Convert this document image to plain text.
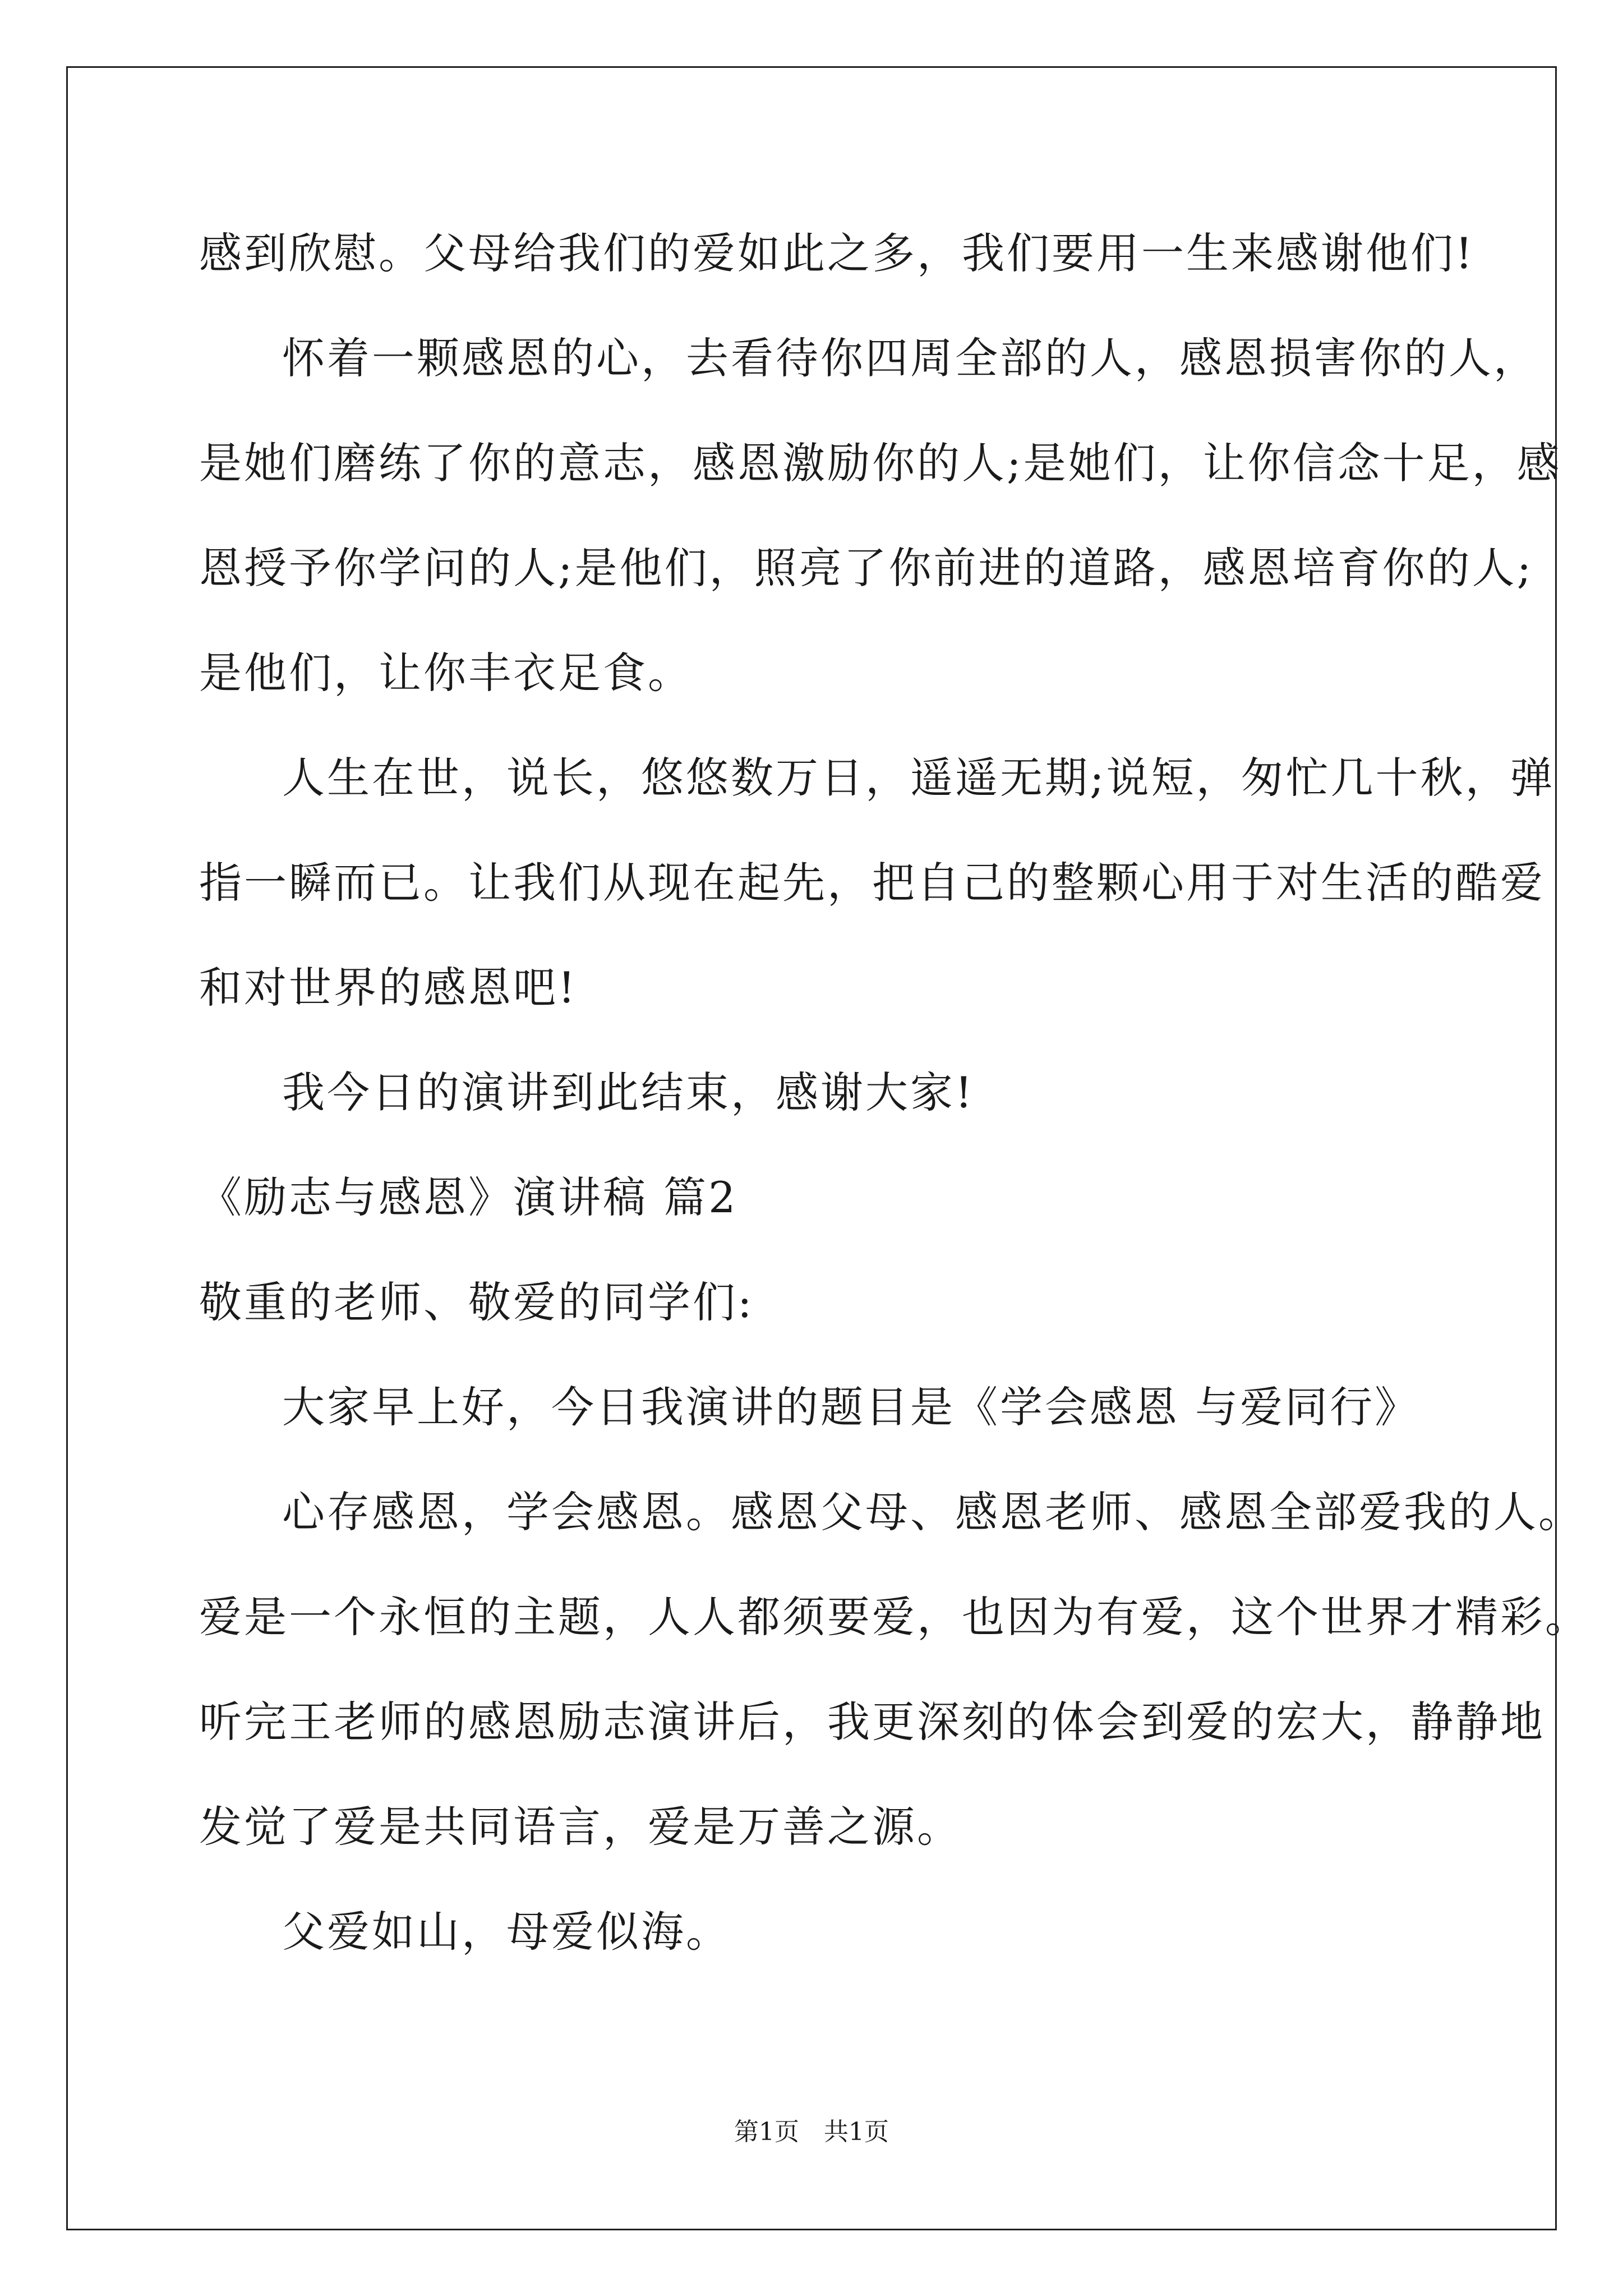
感到欣慰。父母给我们的爱如此之多，我们要用一生来感谢他们!
怀着一颗感恩的心，去看待你四周全部的人，感恩损害你的人，
是她们磨练了你的意志，感恩激励你的人;是她们，让你信念十足，感
恩授予你学问的人;是他们，照亮了你前进的道路，感恩培育你的人;
是他们，让你丰衣足食。
人生在世，说长，悠悠数万日，遥遥无期;说短，匆忙几十秋，弹
指一瞬而已。让我们从现在起先，把自己的整颗心用于对生活的酷爱
和对世界的感恩吧!
我今日的演讲到此结束，感谢大家!
《励志与感恩》演讲稿 篇2
敬重的老师、敬爱的同学们:
大家早上好，今日我演讲的题目是《学会感恩 与爱同行》
心存感恩，学会感恩。感恩父母、感恩老师、感恩全部爱我的人。
爱是一个永恒的主题，人人都须要爱，也因为有爱，这个世界才精彩。
听完王老师的感恩励志演讲后，我更深刻的体会到爱的宏大，静静地
发觉了爱是共同语言，爱是万善之源。
父爱如山，母爱似海。
第1页　共1页
